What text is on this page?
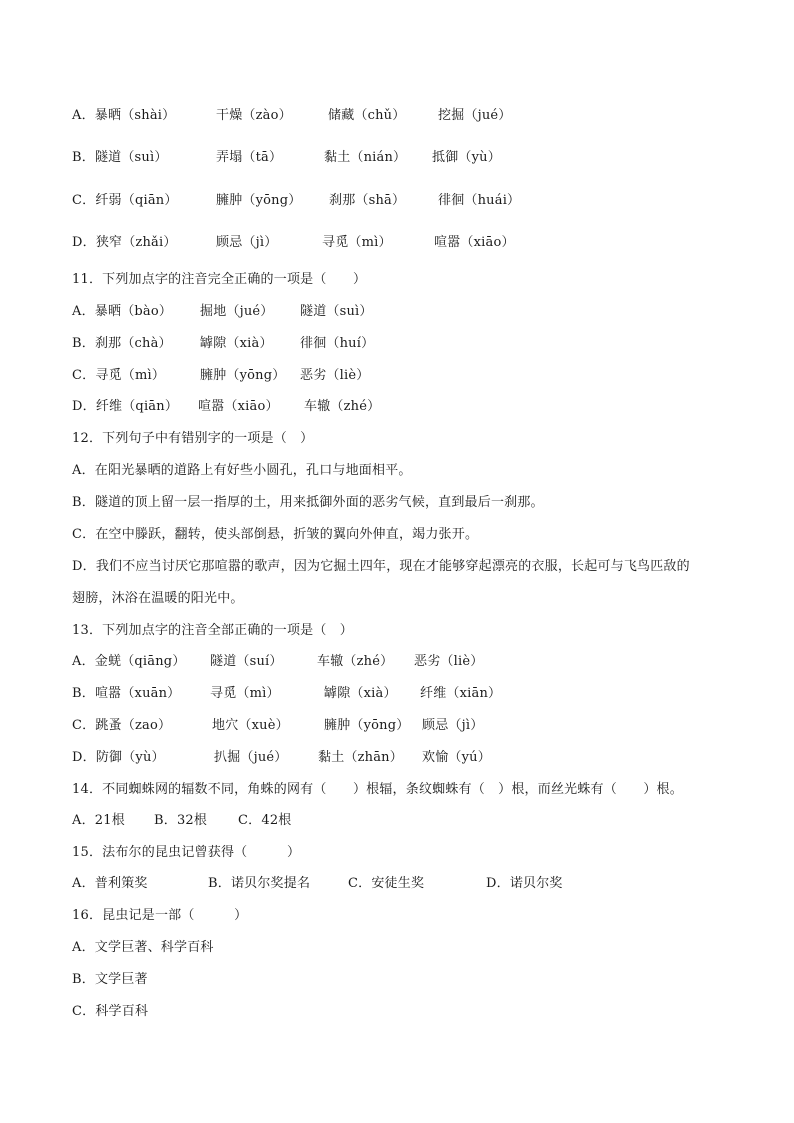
A．暴晒（shài）	干燥（zào）	储藏（chǔ）	挖掘（jué）
B．隧道（suì）	弄塌（tā）	黏土（nián） 抵御（yù）
C．纤弱（qiān）	臃肿（yōng） 刹那（shā）	徘徊（huái）
D．狭窄（zhǎi）	顾忌（jì）	寻觅（mì）	喧嚣（xiāo）
11．下列加点字的注音完全正确的一项是（　　）
A．暴晒（bào） 掘地（jué） 隧道（suì）
B．刹那（chà） 罅隙（xià） 徘徊（huí）
C．寻觅（mì）	臃肿（yōng） 恶劣（liè）
D．纤维（qiān） 喧嚣（xiāo） 车辙（zhé）
12．下列句子中有错别字的一项是（　）
A．在阳光暴晒的道路上有好些小圆孔，孔口与地面相平。
B．隧道的顶上留一层一指厚的土，用来抵御外面的恶劣气候，直到最后一刹那。
C．在空中滕跃，翻转，使头部倒悬，折皱的翼向外伸直，竭力张开。
D．我们不应当讨厌它那喧嚣的歌声，因为它掘土四年，现在才能够穿起漂亮的衣服，长起可与飞鸟匹敌的
翅膀，沐浴在温暖的阳光中。
13．下列加点字的注音全部正确的一项是（　）
A．金蜣（qiāng） 隧道（suí）	车辙（zhé） 恶劣（liè）
B．喧嚣（xuān） 寻觅（mì）	罅隙（xià） 纤维（xiān）
C．跳蚤（zao）	地穴（xuè）	臃肿（yōng） 顾忌（jì）
D．防御（yù）	扒掘（jué） 黏土（zhān） 欢愉（yú）
14．不同蜘蛛网的辐数不同，角蛛的网有（　　）根辐，条纹蜘蛛有（　）根，而丝光蛛有（　　）根。
A．21根 B．32根 C．42根
15．法布尔的昆虫记曾获得（　　　）
A．普利策奖	B．诺贝尔奖提名	C．安徒生奖	D．诺贝尔奖
16．昆虫记是一部（　　　）
A．文学巨著、科学百科
B．文学巨著
C．科学百科
